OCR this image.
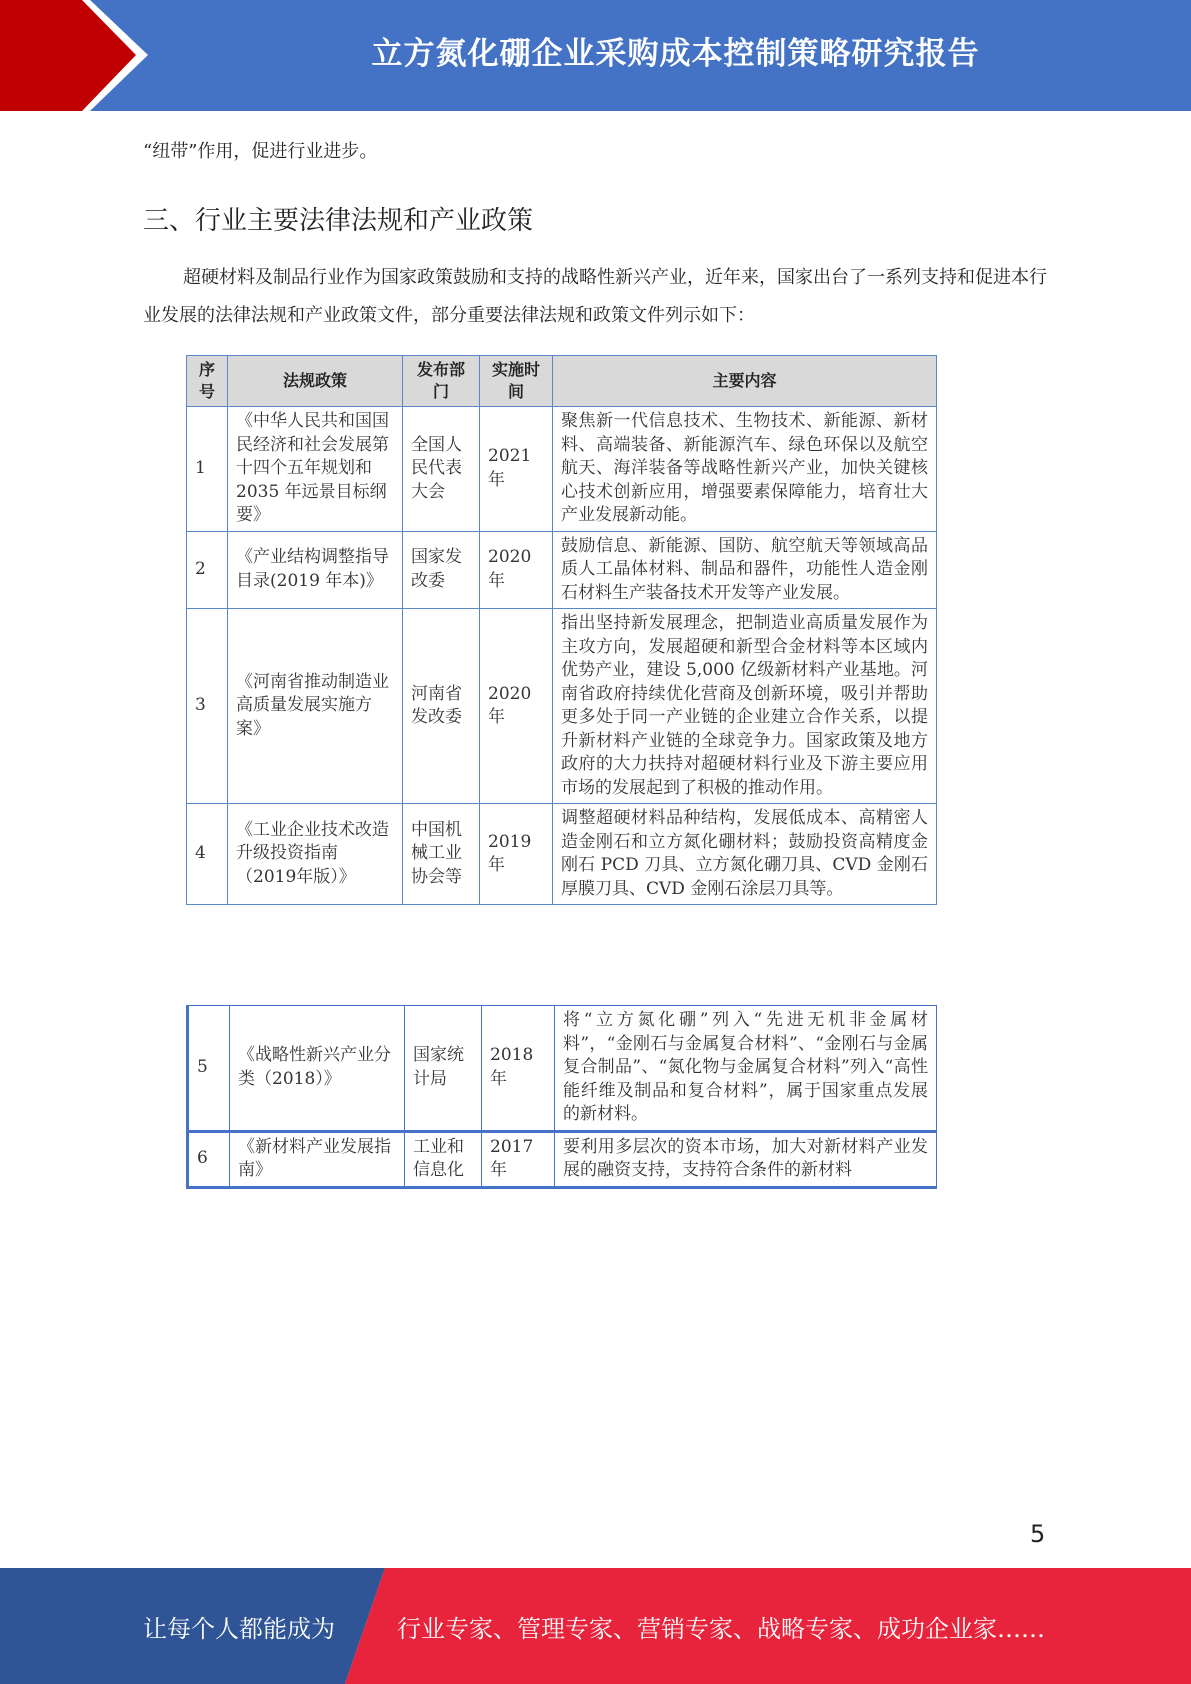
立方氮化硼企业采购成本控制策略研究报告

“纽带”作用，促进行业进步。

三、行业主要法律法规和产业政策

超硬材料及制品行业作为国家政策鼓励和支持的战略性新兴产业，近年来，国家出台了一系列支持和促进本行业发展的法律法规和产业政策文件，部分重要法律法规和政策文件列示如下：

序号	法规政策	发布部门	实施时间	主要内容
1	《中华人民共和国国民经济和社会发展第十四个五年规划和 2035 年远景目标纲要》	全国人民代表大会	2021年	聚焦新一代信息技术、生物技术、新能源、新材料、高端装备、新能源汽车、绿色环保以及航空航天、海洋装备等战略性新兴产业，加快关键核心技术创新应用，增强要素保障能力，培育壮大产业发展新动能。
2	《产业结构调整指导目录(2019 年本)》	国家发改委	2020年	鼓励信息、新能源、国防、航空航天等领域高品质人工晶体材料、制品和器件，功能性人造金刚石材料生产装备技术开发等产业发展。
3	《河南省推动制造业高质量发展实施方案》	河南省发改委	2020年	指出坚持新发展理念，把制造业高质量发展作为主攻方向，发展超硬和新型合金材料等本区域内优势产业，建设 5,000 亿级新材料产业基地。河南省政府持续优化营商及创新环境，吸引并帮助更多处于同一产业链的企业建立合作关系，以提升新材料产业链的全球竞争力。国家政策及地方政府的大力扶持对超硬材料行业及下游主要应用市场的发展起到了积极的推动作用。
4	《工业企业技术改造升级投资指南（2019年版）》	中国机械工业协会等	2019年	调整超硬材料品种结构，发展低成本、高精密人造金刚石和立方氮化硼材料；鼓励投资高精度金刚石 PCD 刀具、立方氮化硼刀具、CVD 金刚石厚膜刀具、CVD 金刚石涂层刀具等。
5	《战略性新兴产业分类（2018）》	国家统计局	2018年	将“立方氮化硼”列入“先进无机非金属材料”，“金刚石与金属复合材料”、“金刚石与金属复合制品”、“氮化物与金属复合材料”列入“高性能纤维及制品和复合材料”，属于国家重点发展的新材料。
6	《新材料产业发展指南》	工业和信息化	2017年	要利用多层次的资本市场，加大对新材料产业发展的融资支持，支持符合条件的新材料
5
让每个人都能成为	行业专家、管理专家、营销专家、战略专家、成功企业家……
